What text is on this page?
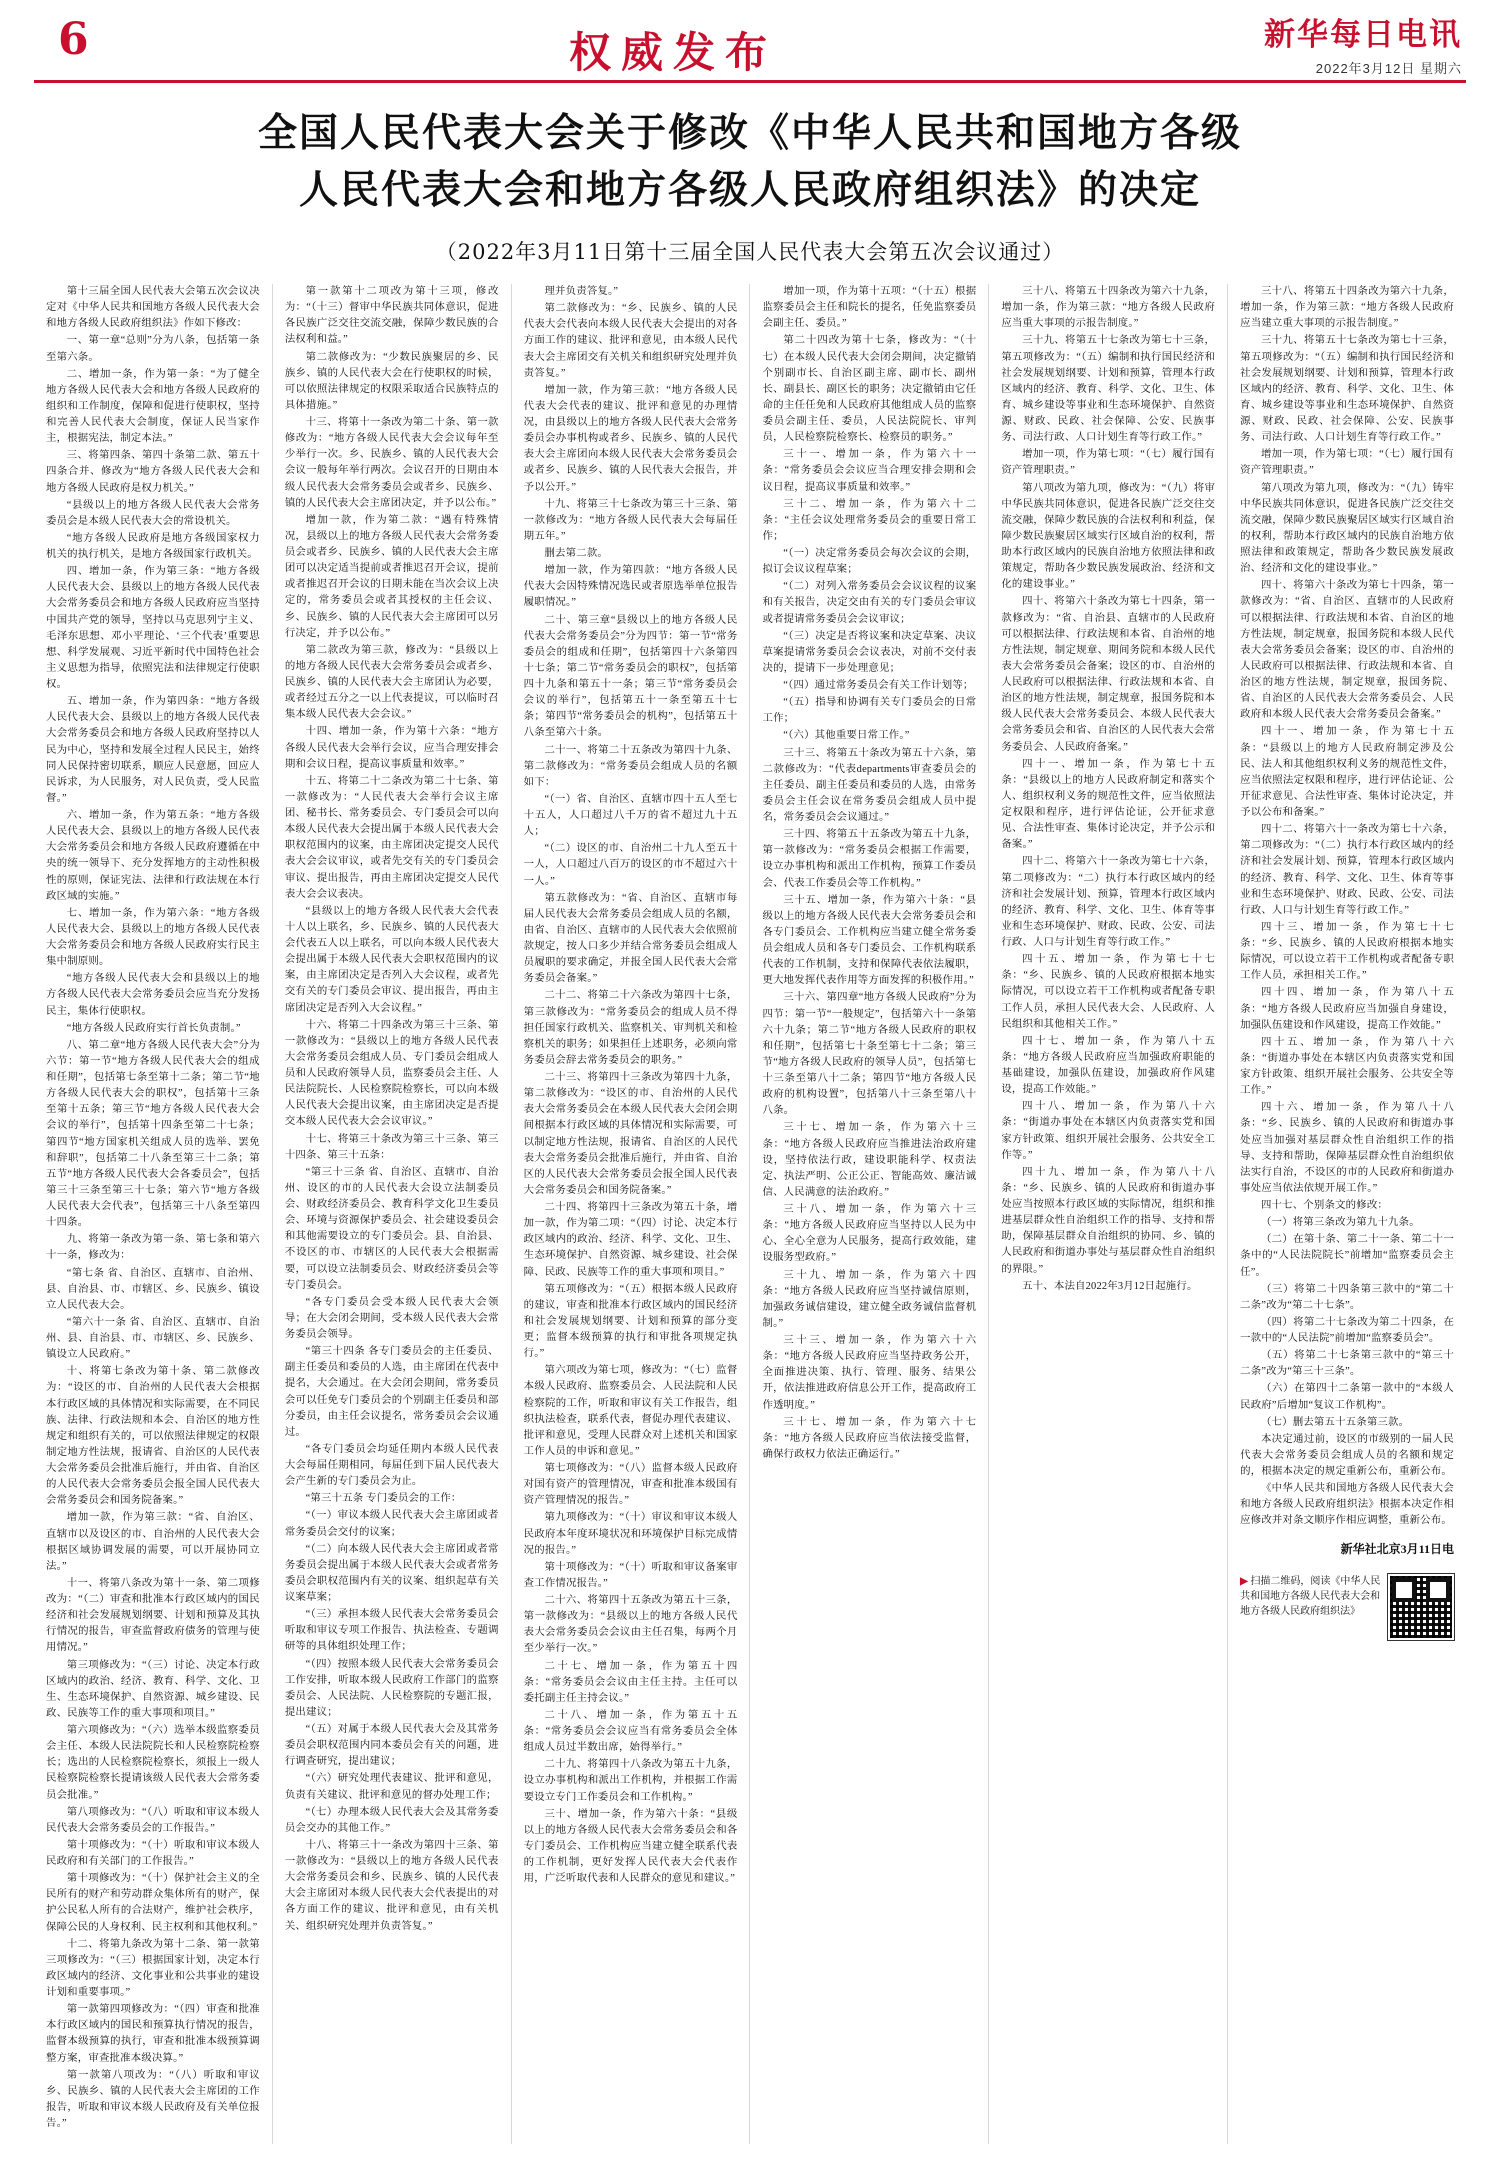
6	权威发布	新华每日电讯
2022年3月12日 星期六
全国人民代表大会关于修改《中华人民共和国地方各级
人民代表大会和地方各级人民政府组织法》的决定
（2022年3月11日第十三届全国人民代表大会第五次会议通过）

第十三届全国人民代表大会第五次会议决定对《中华人民共和国地方各级人民代表大会和地方各级人民政府组织法》作如下修改：

一、第一章“总则”分为八条，包括第一条至第六条。

二、增加一条，作为第一条：“为了健全地方各级人民代表大会和地方各级人民政府的组织和工作制度，保障和促进行使职权，坚持和完善人民代表大会制度，保证人民当家作主，根据宪法，制定本法。”

三、将第四条、第四十条第二款、第五十四条合并、修改为“地方各级人民代表大会和地方各级人民政府是权力机关。”

“县级以上的地方各级人民代表大会常务委员会是本级人民代表大会的常设机关。

“地方各级人民政府是地方各级国家权力机关的执行机关，是地方各级国家行政机关。

四、增加一条，作为第三条：“地方各级人民代表大会、县级以上的地方各级人民代表大会常务委员会和地方各级人民政府应当坚持中国共产党的领导，坚持以马克思列宁主义、毛泽东思想、邓小平理论、‘三个代表’重要思想、科学发展观、习近平新时代中国特色社会主义思想为指导，依照宪法和法律规定行使职权。

五、增加一条，作为第四条：“地方各级人民代表大会、县级以上的地方各级人民代表大会常务委员会和地方各级人民政府坚持以人民为中心，坚持和发展全过程人民民主，始终同人民保持密切联系，顺应人民意愿，回应人民诉求，为人民服务，对人民负责，受人民监督。”

六、增加一条，作为第五条：“地方各级人民代表大会、县级以上的地方各级人民代表大会常务委员会和地方各级人民政府遵循在中央的统一领导下、充分发挥地方的主动性积极性的原则，保证宪法、法律和行政法规在本行政区域的实施。”

七、增加一条，作为第六条：“地方各级人民代表大会、县级以上的地方各级人民代表大会常务委员会和地方各级人民政府实行民主集中制原则。

“地方各级人民代表大会和县级以上的地方各级人民代表大会常务委员会应当充分发扬民主，集体行使职权。

“地方各级人民政府实行首长负责制。”

八、第二章“地方各级人民代表大会”分为六节：第一节“地方各级人民代表大会的组成和任期”，包括第七条至第十二条；第二节“地方各级人民代表大会的职权”，包括第十三条至第十五条；第三节“地方各级人民代表大会会议的举行”，包括第十四条至第二十七条；第四节“地方国家机关组成人员的选举、罢免和辞职”，包括第二十八条至第三十二条；第五节“地方各级人民代表大会各委员会”，包括第三十三条至第三十七条；第六节“地方各级人民代表大会代表”，包括第三十八条至第四十四条。

九、将第一条改为第一条、第七条和第六十一条，修改为：

“第七条 省、自治区、直辖市、自治州、县、自治县、市、市辖区、乡、民族乡、镇设立人民代表大会。

“第六十一条 省、自治区、直辖市、自治州、县、自治县、市、市辖区、乡、民族乡、镇设立人民政府。”

十、将第七条改为第十条、第二款修改为：“设区的市、自治州的人民代表大会根据本行政区域的具体情况和实际需要，在不同民族、法律、行政法规和本会、自治区的地方性规定和组织有关的，可以依照法律规定的权限制定地方性法规，报请省、自治区的人民代表大会常务委员会批准后施行，并由省、自治区的人民代表大会常务委员会报全国人民代表大会常务委员会和国务院备案。”

增加一款，作为第三款：“省、自治区、直辖市以及设区的市、自治州的人民代表大会根据区域协调发展的需要，可以开展协同立法。”

十一、将第八条改为第十一条、第二项修改为：“（二）审查和批准本行政区域内的国民经济和社会发展规划纲要、计划和预算及其执行情况的报告，审查监督政府债务的管理与使用情况。”

第三项修改为：“（三）讨论、决定本行政区域内的政治、经济、教育、科学、文化、卫生、生态环境保护、自然资源、城乡建设、民政、民族等工作的重大事项和项目。”

第六项修改为：“（六）选举本级监察委员会主任、本级人民法院院长和人民检察院检察长；选出的人民检察院检察长，须报上一级人民检察院检察长提请该级人民代表大会常务委员会批准。”

第八项修改为：“（八）听取和审议本级人民代表大会常务委员会的工作报告。”

第十项修改为：“（十）听取和审议本级人民政府和有关部门的工作报告。”

第十项修改为：“（十）保护社会主义的全民所有的财产和劳动群众集体所有的财产，保护公民私人所有的合法财产，维护社会秩序，保障公民的人身权利、民主权利和其他权利。”

十二、将第九条改为第十二条、第一款第三项修改为：“（三）根据国家计划，决定本行政区域内的经济、文化事业和公共事业的建设计划和重要事项。”

第一款第四项修改为：“（四）审查和批准本行政区域内的国民和预算执行情况的报告，监督本级预算的执行，审查和批准本级预算调整方案，审查批准本级决算。”

第一款第八项改为：“（八）听取和审议乡、民族乡、镇的人民代表大会主席团的工作报告，听取和审议本级人民政府及有关单位报告。”

第一款第十二项改为第十三项，修改为：“（十三）督审中华民族共同体意识，促进各民族广泛交往交流交融，保障少数民族的合法权利和益。”

第二款修改为：“少数民族聚居的乡、民族乡、镇的人民代表大会在行使职权的时候，可以依照法律规定的权限采取适合民族特点的具体措施。”

十三、将第十一条改为第二十条、第一款修改为：“地方各级人民代表大会会议每年至少举行一次。乡、民族乡、镇的人民代表大会会议一般每年举行两次。会议召开的日期由本级人民代表大会常务委员会或者乡、民族乡、镇的人民代表大会主席团决定，并予以公布。”

增加一款，作为第二款：“遇有特殊情况，县级以上的地方各级人民代表大会常务委员会或者乡、民族乡、镇的人民代表大会主席团可以决定适当提前或者推迟召开会议，提前或者推迟召开会议的日期未能在当次会议上决定的，常务委员会或者其授权的主任会议、乡、民族乡、镇的人民代表大会主席团可以另行决定，并予以公布。”

第二款改为第三款，修改为：“县级以上的地方各级人民代表大会常务委员会或者乡、民族乡、镇的人民代表大会主席团认为必要，或者经过五分之一以上代表提议，可以临时召集本级人民代表大会会议。”

十四、增加一条，作为第十六条：“地方各级人民代表大会举行会议，应当合理安排会期和会议日程，提高议事质量和效率。”

十五、将第二十二条改为第二十七条、第一款修改为：“人民代表大会举行会议主席团、秘书长、常务委员会、专门委员会可以向本级人民代表大会提出属于本级人民代表大会职权范围内的议案，由主席团决定提交人民代表大会会议审议，或者先交有关的专门委员会审议、提出报告，再由主席团决定提交人民代表大会会议表决。

“县级以上的地方各级人民代表大会代表十人以上联名，乡、民族乡、镇的人民代表大会代表五人以上联名，可以向本级人民代表大会提出属于本级人民代表大会职权范围内的议案，由主席团决定是否列入大会议程，或者先交有关的专门委员会审议、提出报告，再由主席团决定是否列入大会议程。”

十六、将第二十四条改为第三十三条、第一款修改为：“县级以上的地方各级人民代表大会常务委员会组成人员、专门委员会组成人员和人民政府领导人员，监察委员会主任、人民法院院长、人民检察院检察长，可以向本级人民代表大会提出议案，由主席团决定是否提交本级人民代表大会会议审议。”

十七、将第三十条改为第三十三条、第三十四条、第三十五条：

“第三十三条 省、自治区、直辖市、自治州、设区的市的人民代表大会设立法制委员会、财政经济委员会、教育科学文化卫生委员会、环境与资源保护委员会、社会建设委员会和其他需要设立的专门委员会。县、自治县、不设区的市、市辖区的人民代表大会根据需要，可以设立法制委员会、财政经济委员会等专门委员会。

“各专门委员会受本级人民代表大会领导；在大会闭会期间，受本级人民代表大会常务委员会领导。

“第三十四条 各专门委员会的主任委员、副主任委员和委员的人选，由主席团在代表中提名，大会通过。在大会闭会期间，常务委员会可以任免专门委员会的个别副主任委员和部分委员，由主任会议提名，常务委员会会议通过。

“各专门委员会均延任期内本级人民代表大会每届任期相同，每届任到下届人民代表大会产生新的专门委员会为止。

“第三十五条 专门委员会的工作：

“（一）审议本级人民代表大会主席团或者常务委员会交付的议案；

“（二）向本级人民代表大会主席团或者常务委员会提出属于本级人民代表大会或者常务委员会职权范围内有关的议案、组织起草有关议案草案；

“（三）承担本级人民代表大会常务委员会听取和审议专项工作报告、执法检查、专题调研等的具体组织处理工作；

“（四）按照本级人民代表大会常务委员会工作安排，听取本级人民政府工作部门的监察委员会、人民法院、人民检察院的专题汇报，提出建议；

“（五）对属于本级人民代表大会及其常务委员会职权范围内同本委员会有关的问题，进行调查研究，提出建议；

“（六）研究处理代表建议、批评和意见，负责有关建议、批评和意见的督办处理工作；

“（七）办理本级人民代表大会及其常务委员会交办的其他工作。”

十八、将第三十一条改为第四十三条、第一款修改为：“县级以上的地方各级人民代表大会常务委员会和乡、民族乡、镇的人民代表大会主席团对本级人民代表大会代表提出的对各方面工作的建议、批评和意见，由有关机关、组织研究处理并负责答复。”

理并负责答复。”

第二款修改为：“乡、民族乡、镇的人民代表大会代表向本级人民代表大会提出的对各方面工作的建议、批评和意见，由本级人民代表大会主席团交有关机关和组织研究处理并负责答复。”

增加一款，作为第三款：“地方各级人民代表大会代表的建议、批评和意见的办理情况，由县级以上的地方各级人民代表大会常务委员会办事机构或者乡、民族乡、镇的人民代表大会主席团向本级人民代表大会常务委员会或者乡、民族乡、镇的人民代表大会报告，并予以公开。”

十九、将第三十七条改为第三十三条、第一款修改为：“地方各级人民代表大会每届任期五年。”

删去第二款。

增加一款，作为第四款：“地方各级人民代表大会因特殊情况选民或者原选举单位报告履职情况。”

二十、第三章“县级以上的地方各级人民代表大会常务委员会”分为四节：第一节“常务委员会的组成和任期”，包括第四十六条第四十七条；第二节“常务委员会的职权”，包括第四十九条和第五十一条；第三节“常务委员会会议的举行”，包括第五十一条至第五十七条；第四节“常务委员会的机构”，包括第五十八条至第六十条。

二十一、将第二十五条改为第四十九条、第二款修改为：“常务委员会组成人员的名额如下：

“（一）省、自治区、直辖市四十五人至七十五人，人口超过八千万的省不超过九十五人；

“（二）设区的市、自治州二十九人至五十一人，人口超过八百万的设区的市不超过六十一人。”

第五款修改为：“省、自治区、直辖市每届人民代表大会常务委员会组成人员的名额，由省、自治区、直辖市的人民代表大会依照前款规定，按人口多少并结合常务委员会组成人员履职的要求确定，并报全国人民代表大会常务委员会备案。”

二十二、将第二十六条改为第四十七条，第三款修改为：“常务委员会的组成人员不得担任国家行政机关、监察机关、审判机关和检察机关的职务；如果担任上述职务，必须向常务委员会辞去常务委员会的职务。”

二十三、将第四十三条改为第四十九条，第二款修改为：“设区的市、自治州的人民代表大会常务委员会在本级人民代表大会闭会期间根据本行政区域的具体情况和实际需要，可以制定地方性法规，报请省、自治区的人民代表大会常务委员会批准后施行，并由省、自治区的人民代表大会常务委员会报全国人民代表大会常务委员会和国务院备案。”

二十四、将第四十三条改为第五十条，增加一款，作为第二项：“（四）讨论、决定本行政区域内的政治、经济、科学、文化、卫生、生态环境保护、自然资源、城乡建设、社会保障、民政、民族等工作的重大事项和项目。”

第五项修改为：“（五）根据本级人民政府的建议，审查和批准本行政区域内的国民经济和社会发展规划纲要、计划和预算的部分变更；监督本级预算的执行和审批各项规定执行。”

第六项改为第七项，修改为：“（七）监督本级人民政府、监察委员会、人民法院和人民检察院的工作，听取和审议有关工作报告，组织执法检查，联系代表，督促办理代表建议、批评和意见，受理人民群众对上述机关和国家工作人员的申诉和意见。”

第七项修改为：“（八）监督本级人民政府对国有资产的管理情况，审查和批准本级国有资产管理情况的报告。”

第九项修改为：“（十）审议和审议本级人民政府本年度环境状况和环境保护目标完成情况的报告。”

第十项修改为：“（十）听取和审议备案审查工作情况报告。”

二十六、将第四十五条改为第五十三条，第一款修改为：“县级以上的地方各级人民代表大会常务委员会会议由主任召集，每两个月至少举行一次。”

二十七、增加一条，作为第五十四条：“常务委员会会议由主任主持。主任可以委托副主任主持会议。”

二十八、增加一条，作为第五十五条：“常务委员会会议应当有常务委员会全体组成人员过半数出席，始得举行。”

二十九、将第四十八条改为第五十九条，设立办事机构和派出工作机构，并根据工作需要设立专门工作委员会和工作机构。”

三十、增加一条，作为第六十条：“县级以上的地方各级人民代表大会常务委员会和各专门委员会、工作机构应当建立健全联系代表的工作机制，更好发挥人民代表大会代表作用，广泛听取代表和人民群众的意见和建议。”

增加一项，作为第十五项：“（十五）根据监察委员会主任和院长的提名，任免监察委员会副主任、委员。”

第二十四改为第十七条，修改为：“（十七）在本级人民代表大会闭会期间，决定撤销个别副市长、自治区副主席、副市长、副州长、副县长、副区长的职务；决定撤销由它任命的主任任免和人民政府其他组成人员的监察委员会副主任、委员，人民法院院长、审判员，人民检察院检察长、检察员的职务。”

三十一、增加一条，作为第六十一条：“常务委员会会议应当合理安排会期和会议日程，提高议事质量和效率。”

三十二、增加一条，作为第六十二条：“主任会议处理常务委员会的重要日常工作；

“（一）决定常务委员会每次会议的会期，拟订会议议程草案；

“（二）对列入常务委员会会议议程的议案和有关报告，决定交由有关的专门委员会审议或者提请常务委员会会议审议；

“（三）决定是否将议案和决定草案、决议草案提请常务委员会会议表决，对前不交付表决的，提请下一步处理意见；

“（四）通过常务委员会有关工作计划等；

“（五）指导和协调有关专门委员会的日常工作；

“（六）其他重要日常工作。”

三十三、将第五十条改为第五十六条，第二款修改为：“代表departments审查委员会的主任委员、副主任委员和委员的人选，由常务委员会主任会议在常务委员会组成人员中提名，常务委员会会议通过。”

三十四、将第五十五条改为第五十九条，第一款修改为：“常务委员会根据工作需要，设立办事机构和派出工作机构，预算工作委员会、代表工作委员会等工作机构。”

三十五、增加一条，作为第六十条：“县级以上的地方各级人民代表大会常务委员会和各专门委员会、工作机构应当建立健全常务委员会组成人员和各专门委员会、工作机构联系代表的工作机制，支持和保障代表依法履职，更大地发挥代表作用等方面发挥的积极作用。”

三十六、第四章“地方各级人民政府”分为四节：第一节“一般规定”，包括第六十一条第六十九条；第二节“地方各级人民政府的职权和任期”，包括第七十条至第七十二条；第三节“地方各级人民政府的领导人员”，包括第七十三条至第八十二条；第四节“地方各级人民政府的机构设置”，包括第八十三条至第八十八条。

三十七、增加一条，作为第六十三条：“地方各级人民政府应当推进法治政府建设，坚持依法行政，建设职能科学、权责法定、执法严明、公正公正、智能高效、廉洁诚信、人民满意的法治政府。”

三十八、增加一条，作为第六十三条：“地方各级人民政府应当坚持以人民为中心、全心全意为人民服务，提高行政效能，建设服务型政府。”

三十九、增加一条，作为第六十四条：“地方各级人民政府应当坚持诚信原则，加强政务诚信建设，建立健全政务诚信监督机制。”

三十三、增加一条，作为第六十六条：“地方各级人民政府应当坚持政务公开，全面推进决策、执行、管理、服务、结果公开，依法推进政府信息公开工作，提高政府工作透明度。”

三十七、增加一条，作为第六十七条：“地方各级人民政府应当依法接受监督，确保行政权力依法正确运行。”

三十八、将第五十四条改为第六十九条，增加一条，作为第三款：“地方各级人民政府应当重大事项的示报告制度。”

三十九、将第五十七条改为第七十三条，第五项修改为：“（五）编制和执行国民经济和社会发展规划纲要、计划和预算，管理本行政区域内的经济、教育、科学、文化、卫生、体育、城乡建设等事业和生态环境保护、自然资源、财政、民政、社会保障、公安、民族事务、司法行政、人口计划生育等行政工作。”

增加一项，作为第七项：“（七）履行国有资产管理职责。”

第八项改为第九项，修改为：“（九）将审中华民族共同体意识，促进各民族广泛交往交流交融，保障少数民族的合法权利和利益，保障少数民族聚居区域实行区域自治的权利，帮助本行政区域内的民族自治地方依照法律和政策规定，帮助各少数民族发展政治、经济和文化的建设事业。”

四十、将第六十条改为第七十四条，第一款修改为：“省、自治县、直辖市的人民政府可以根据法律、行政法规和本省、自治州的地方性法规，制定规章、期间务院和本级人民代表大会常务委员会备案；设区的市、自治州的人民政府可以根据法律、行政法规和本省、自治区的地方性法规，制定规章，报国务院和本级人民代表大会常务委员会、本级人民代表大会常务委员会和省、自治区的人民代表大会常务委员会、人民政府备案。”

四十一、增加一条，作为第七十五条：“县级以上的地方人民政府制定和落实个人、组织权利义务的规范性文件，应当依照法定权限和程序，进行评估论证，公开征求意见、合法性审查、集体讨论决定，并予公示和备案。”

四十二、将第六十一条改为第七十六条，第二项修改为：“二）执行本行政区域内的经济和社会发展计划、预算，管理本行政区域内的经济、教育、科学、文化、卫生、体育等事业和生态环境保护、财政、民政、公安、司法行政、人口与计划生育等行政工作。”

四十五、增加一条，作为第七十七条：“乡、民族乡、镇的人民政府根据本地实际情况，可以设立若干工作机构或者配备专职工作人员，承担人民代表大会、人民政府、人民组织和其他相关工作。”

四十七、增加一条，作为第八十五条：“地方各级人民政府应当加强政府职能的基础建设，加强队伍建设，加强政府作风建设，提高工作效能。”

四十八、增加一条，作为第八十六条：“街道办事处在本辖区内负责落实党和国家方针政策、组织开展社会服务、公共安全工作等。”

四十九、增加一条，作为第八十八条：“乡、民族乡、镇的人民政府和街道办事处应当按照本行政区域的实际情况，组织和推进基层群众性自治组织工作的指导、支持和帮助，保障基层群众自治组织的协同、乡、镇的人民政府和街道办事处与基层群众性自治组织的界限。”

五十、本法自2022年3月12日起施行。

三十八、将第五十四条改为第六十九条，增加一条，作为第三款：“地方各级人民政府应当建立重大事项的示报告制度。”

三十九、将第五十七条改为第七十三条，第五项修改为：“（五）编制和执行国民经济和社会发展规划纲要、计划和预算，管理本行政区域内的经济、教育、科学、文化、卫生、体育、城乡建设等事业和生态环境保护、自然资源、财政、民政、社会保障、公安、民族事务、司法行政、人口计划生育等行政工作。”

增加一项，作为第七项：“（七）履行国有资产管理职责。”

第八项改为第九项，修改为：“（九）铸牢中华民族共同体意识，促进各民族广泛交往交流交融，保障少数民族聚居区域实行区域自治的权利，帮助本行政区域内的民族自治地方依照法律和政策规定，帮助各少数民族发展政治、经济和文化的建设事业。”

四十、将第六十条改为第七十四条，第一款修改为：“省、自治区、直辖市的人民政府可以根据法律、行政法规和本省、自治区的地方性法规，制定规章，报国务院和本级人民代表大会常务委员会备案；设区的市、自治州的人民政府可以根据法律、行政法规和本省、自治区的地方性法规，制定规章，报国务院、省、自治区的人民代表大会常务委员会、人民政府和本级人民代表大会常务委员会备案。”

四十一、增加一条，作为第七十五条：“县级以上的地方人民政府制定涉及公民、法人和其他组织权利义务的规范性文件，应当依照法定权限和程序，进行评估论证、公开征求意见、合法性审查、集体讨论决定，并予以公布和备案。”

四十二、将第六十一条改为第七十六条，第二项修改为：“（二）执行本行政区域内的经济和社会发展计划、预算，管理本行政区域内的经济、教育、科学、文化、卫生、体育等事业和生态环境保护、财政、民政、公安、司法行政、人口与计划生育等行政工作。”

四十三、增加一条，作为第七十七条：“乡、民族乡、镇的人民政府根据本地实际情况，可以设立若干工作机构或者配备专职工作人员，承担相关工作。”

四十四、增加一条，作为第八十五条：“地方各级人民政府应当加强自身建设，加强队伍建设和作风建设，提高工作效能。”

四十五、增加一条，作为第八十六条：“街道办事处在本辖区内负责落实党和国家方针政策、组织开展社会服务、公共安全等工作。”

四十六、增加一条，作为第八十八条：“乡、民族乡、镇的人民政府和街道办事处应当加强对基层群众性自治组织工作的指导、支持和帮助，保障基层群众性自治组织依法实行自治，不设区的市的人民政府和街道办事处应当依法依规开展工作。”

四十七、个别条文的修改：

（一）将第三条改为第九十九条。

（二）在第十条、第二十一条、第二十一条中的“人民法院院长”前增加“监察委员会主任”。

（三）将第二十四条第三款中的“第二十二条”改为“第二十七条”。

（四）将第二十七条改为第二十四条，在一款中的“人民法院”前增加“监察委员会”。

（五）将第二十七条第三款中的“第三十二条”改为“第三十三条”。

（六）在第四十二条第一款中的“本级人民政府”后增加“复议工作机构”。

（七）删去第五十五条第三款。

本决定通过前，设区的市级别的一届人民代表大会常务委员会组成人员的名额和规定的，根据本决定的规定重新公布，重新公布。

《中华人民共和国地方各级人民代表大会和地方各级人民政府组织法》根据本决定作相应修改并对条文顺序作相应调整，重新公布。

新华社北京3月11日电
▶ 扫描二维码，阅读《中华人民共和国地方各级人民代表大会和地方各级人民政府组织法》
